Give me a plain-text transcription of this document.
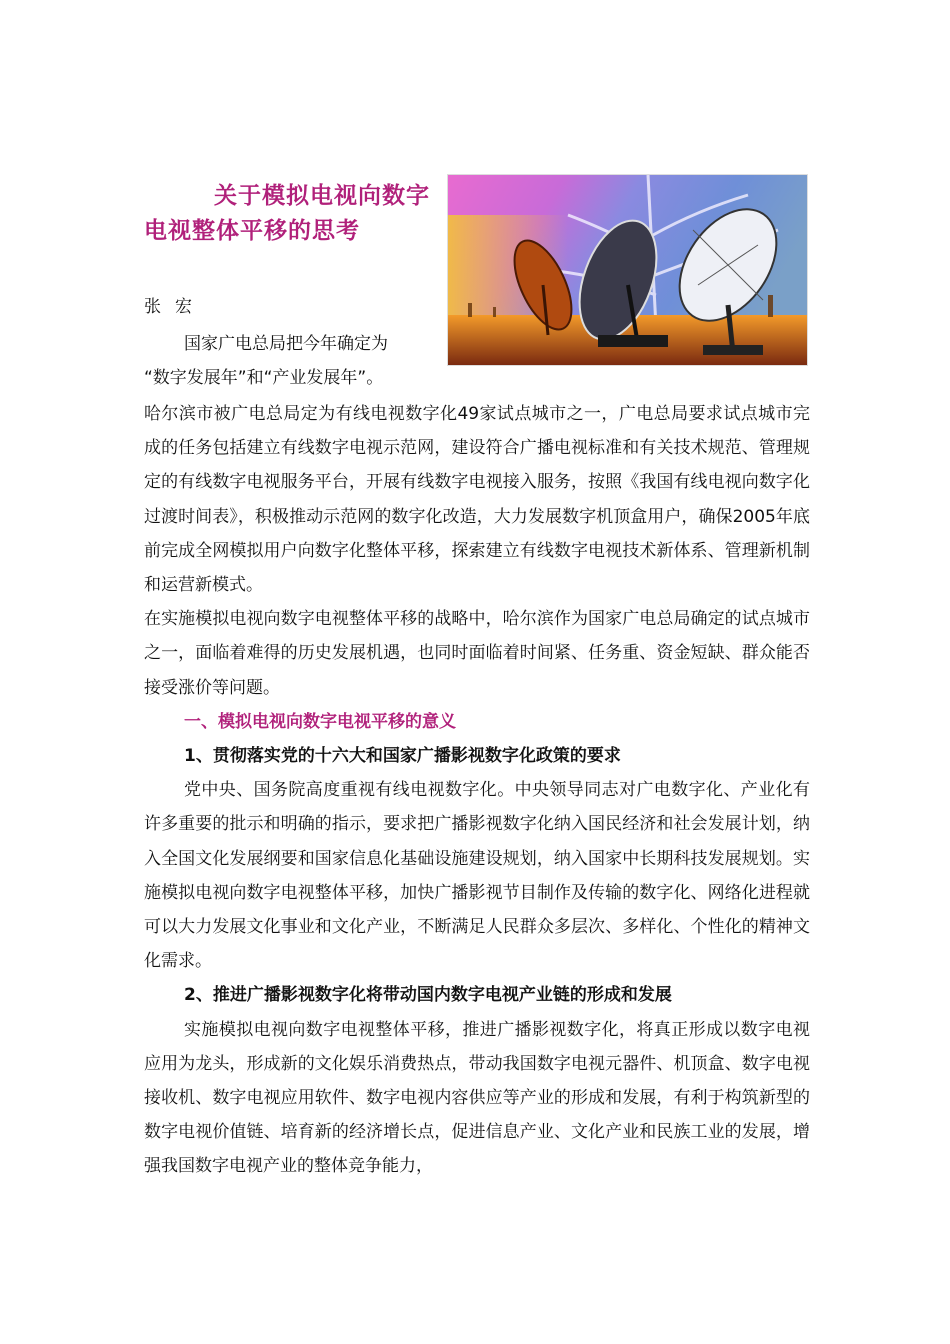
关于模拟电视向数字
电视整体平移的思考
张宏
国家广电总局把今年确定为
“数字发展年”和“产业发展年”。

哈尔滨市被广电总局定为有线电视数字化49家试点城市之一，广电总局要求试点城市完成的任务包括建立有线数字电视示范网，建设符合广播电视标准和有关技术规范、管理规定的有线数字电视服务平台，开展有线数字电视接入服务，按照《我国有线电视向数字化过渡时间表》，积极推动示范网的数字化改造，大力发展数字机顶盒用户，确保2005年底前完成全网模拟用户向数字化整体平移，探索建立有线数字电视技术新体系、管理新机制和运营新模式。

在实施模拟电视向数字电视整体平移的战略中，哈尔滨作为国家广电总局确定的试点城市之一，面临着难得的历史发展机遇，也同时面临着时间紧、任务重、资金短缺、群众能否接受涨价等问题。

一、模拟电视向数字电视平移的意义

1、贯彻落实党的十六大和国家广播影视数字化政策的要求

党中央、国务院高度重视有线电视数字化。中央领导同志对广电数字化、产业化有许多重要的批示和明确的指示，要求把广播影视数字化纳入国民经济和社会发展计划，纳入全国文化发展纲要和国家信息化基础设施建设规划，纳入国家中长期科技发展规划。实施模拟电视向数字电视整体平移，加快广播影视节目制作及传输的数字化、网络化进程就可以大力发展文化事业和文化产业，不断满足人民群众多层次、多样化、个性化的精神文化需求。

2、推进广播影视数字化将带动国内数字电视产业链的形成和发展

实施模拟电视向数字电视整体平移，推进广播影视数字化，将真正形成以数字电视应用为龙头，形成新的文化娱乐消费热点，带动我国数字电视元器件、机顶盒、数字电视接收机、数字电视应用软件、数字电视内容供应等产业的形成和发展，有利于构筑新型的数字电视价值链、培育新的经济增长点，促进信息产业、文化产业和民族工业的发展，增强我国数字电视产业的整体竞争能力，
